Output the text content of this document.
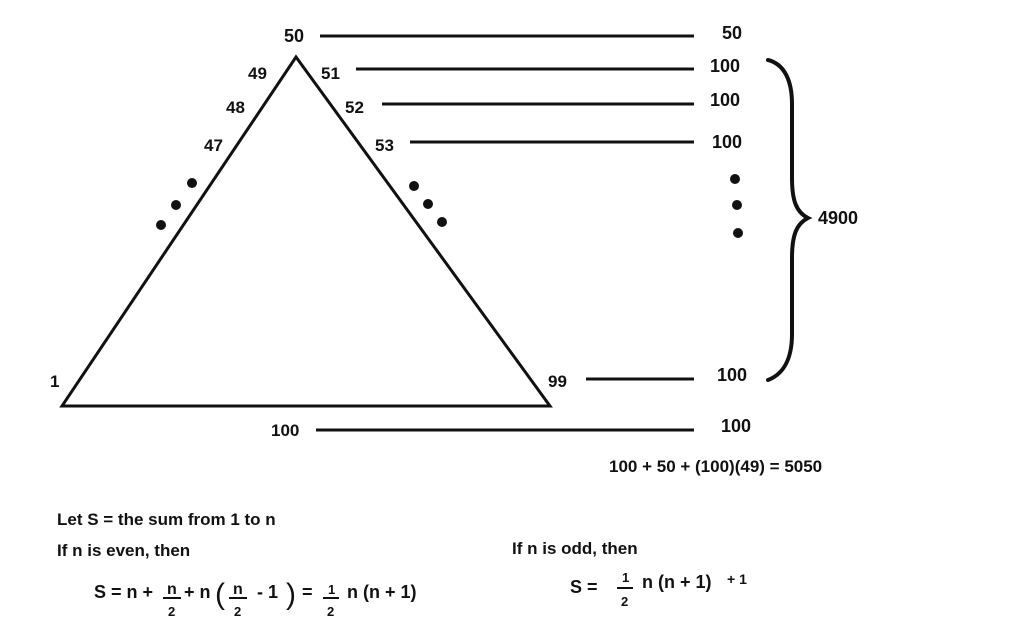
50
49
48
47
51
52
53
1	99
100
50
100
100
100
100
100
4900
100 + 50 + (100)(49) = 5050
Let S = the sum from 1 to n
If n is even, then
S = n + n
2
+ n ( n
2
- 1 ) = 1
2
n (n + 1)
If n is odd, then
S = 1
2
n (n + 1) + 1
